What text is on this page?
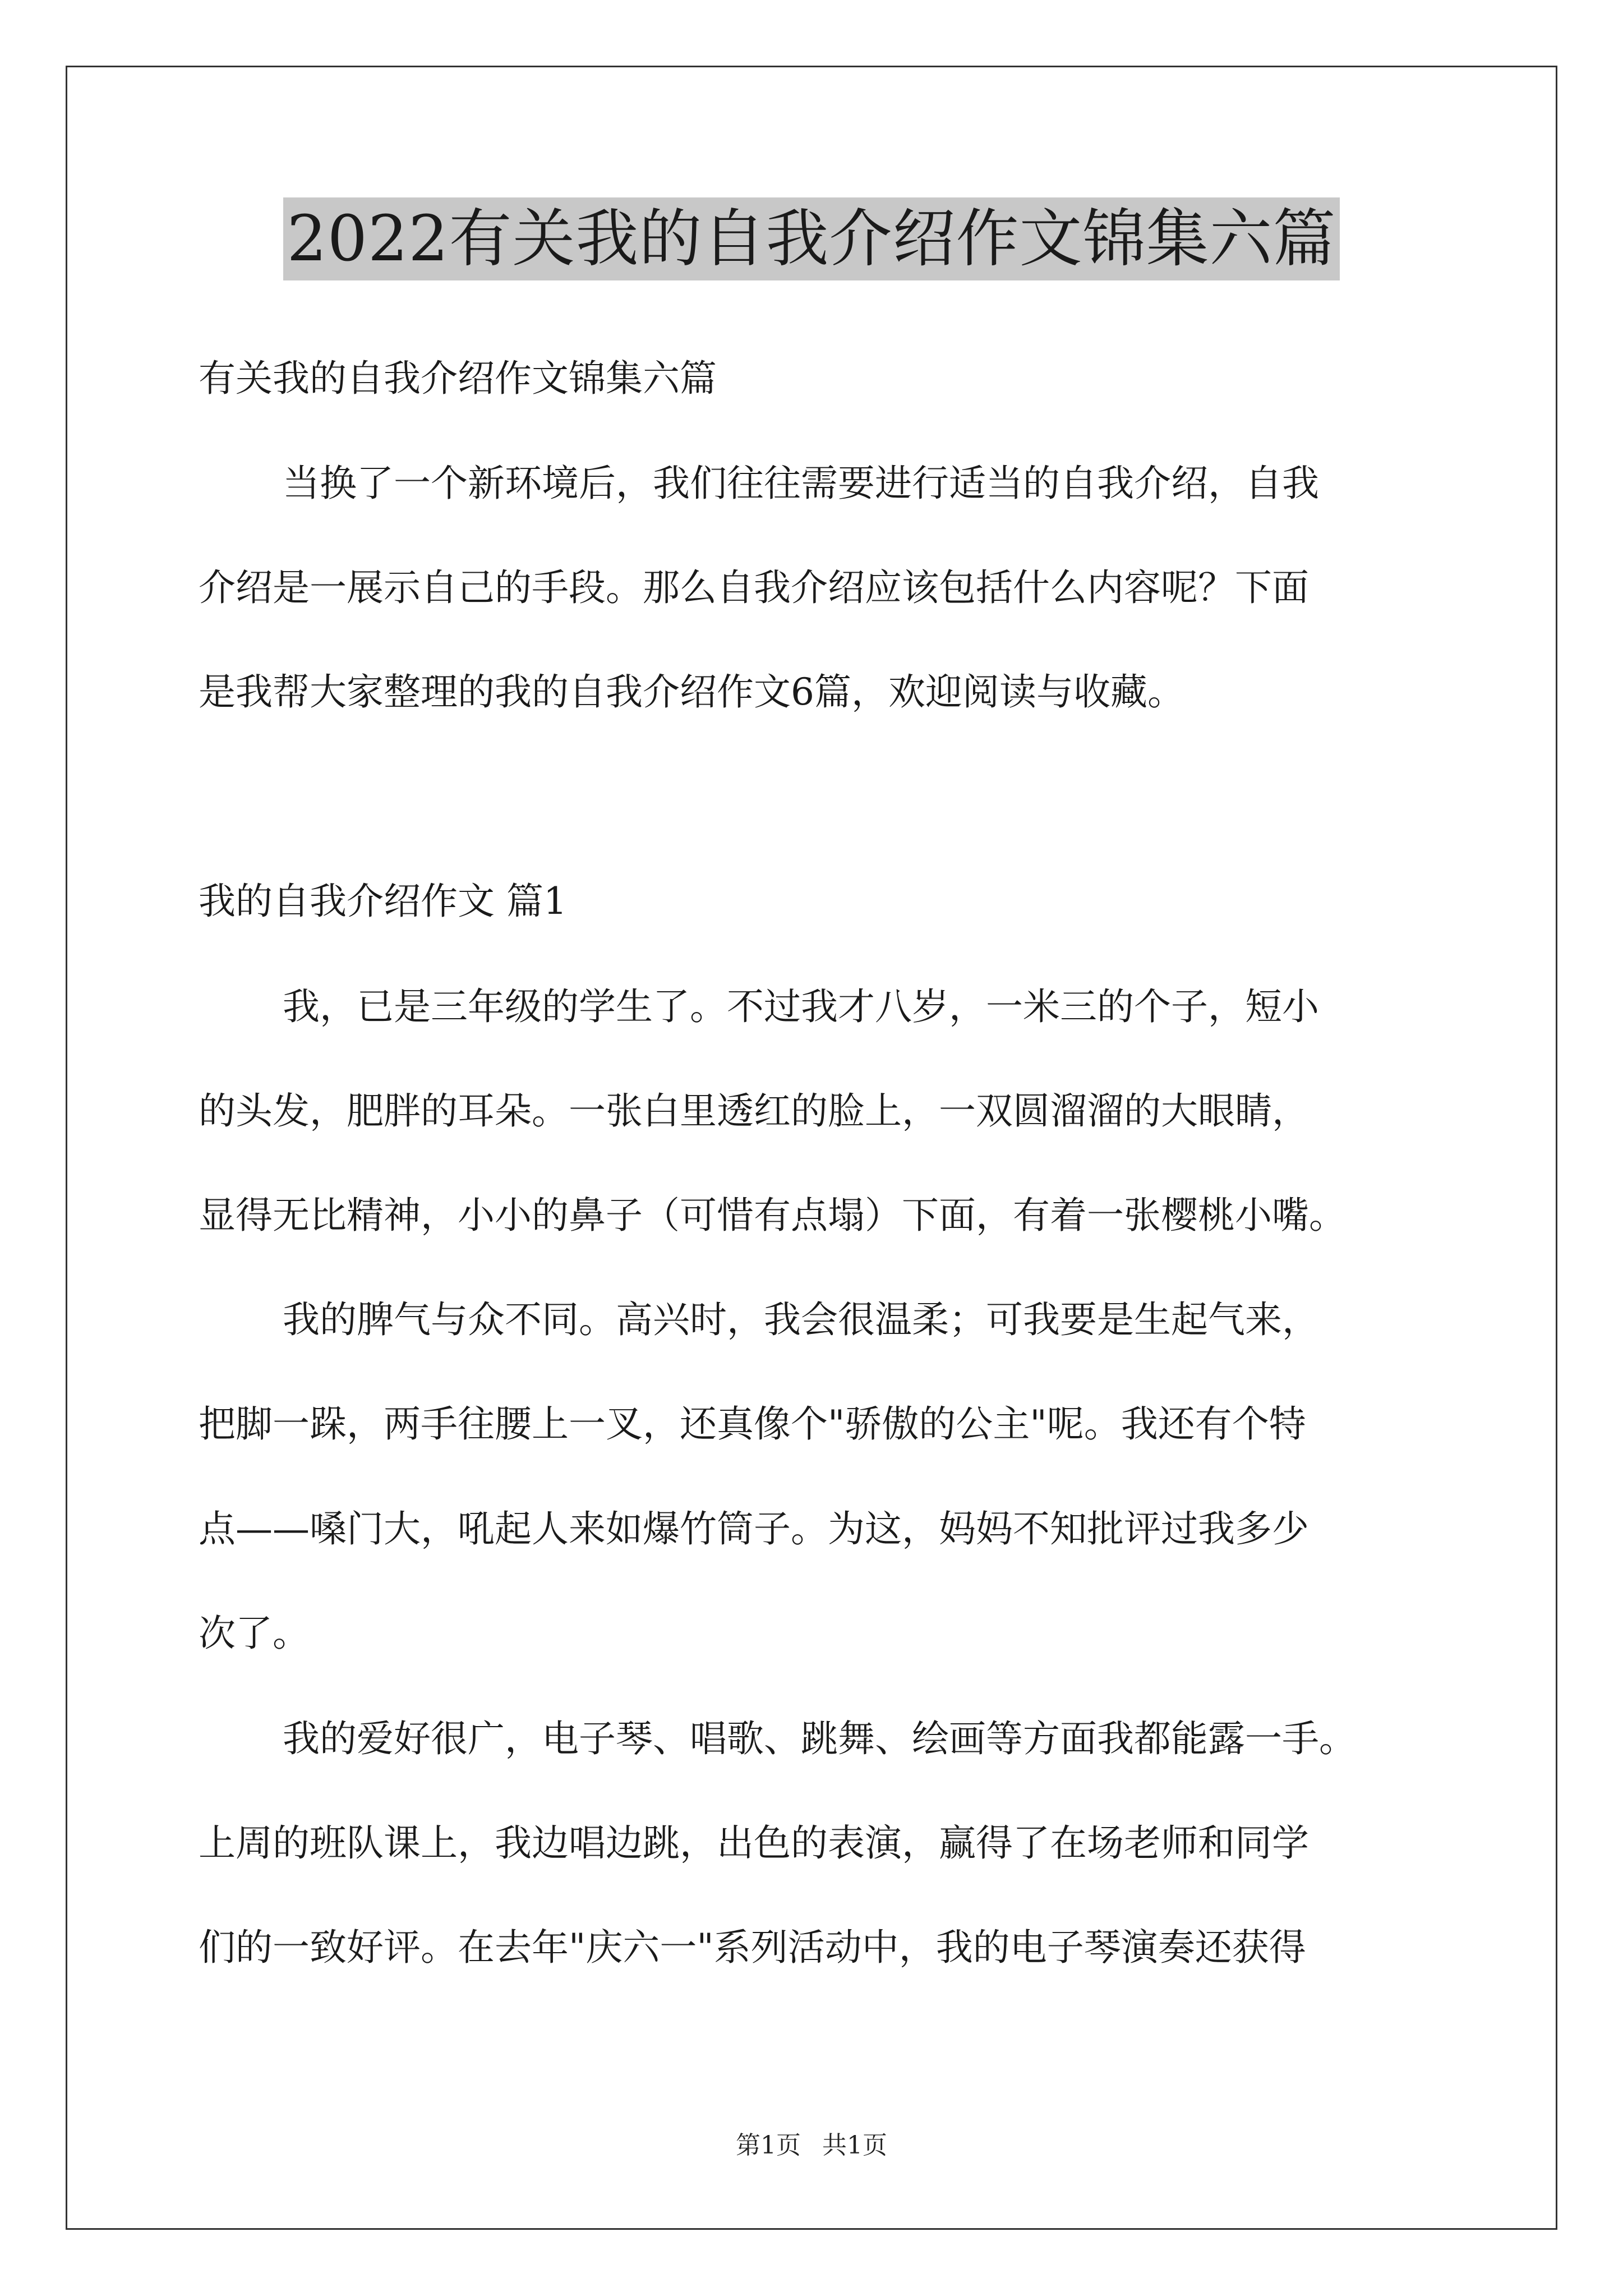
2022有关我的自我介绍作文锦集六篇
有关我的自我介绍作文锦集六篇
当换了一个新环境后，我们往往需要进行适当的自我介绍，自我
介绍是一展示自己的手段。那么自我介绍应该包括什么内容呢？下面
是我帮大家整理的我的自我介绍作文6篇，欢迎阅读与收藏。
我的自我介绍作文 篇1
我，已是三年级的学生了。不过我才八岁，一米三的个子，短小
的头发，肥胖的耳朵。一张白里透红的脸上，一双圆溜溜的大眼睛，
显得无比精神，小小的鼻子（可惜有点塌）下面，有着一张樱桃小嘴。
我的脾气与众不同。高兴时，我会很温柔；可我要是生起气来，
把脚一跺，两手往腰上一叉，还真像个"骄傲的公主"呢。我还有个特
点——嗓门大，吼起人来如爆竹筒子。为这，妈妈不知批评过我多少
次了。
我的爱好很广，电子琴、唱歌、跳舞、绘画等方面我都能露一手。
上周的班队课上，我边唱边跳，出色的表演，赢得了在场老师和同学
们的一致好评。在去年"庆六一"系列活动中，我的电子琴演奏还获得
第1页 共1页
